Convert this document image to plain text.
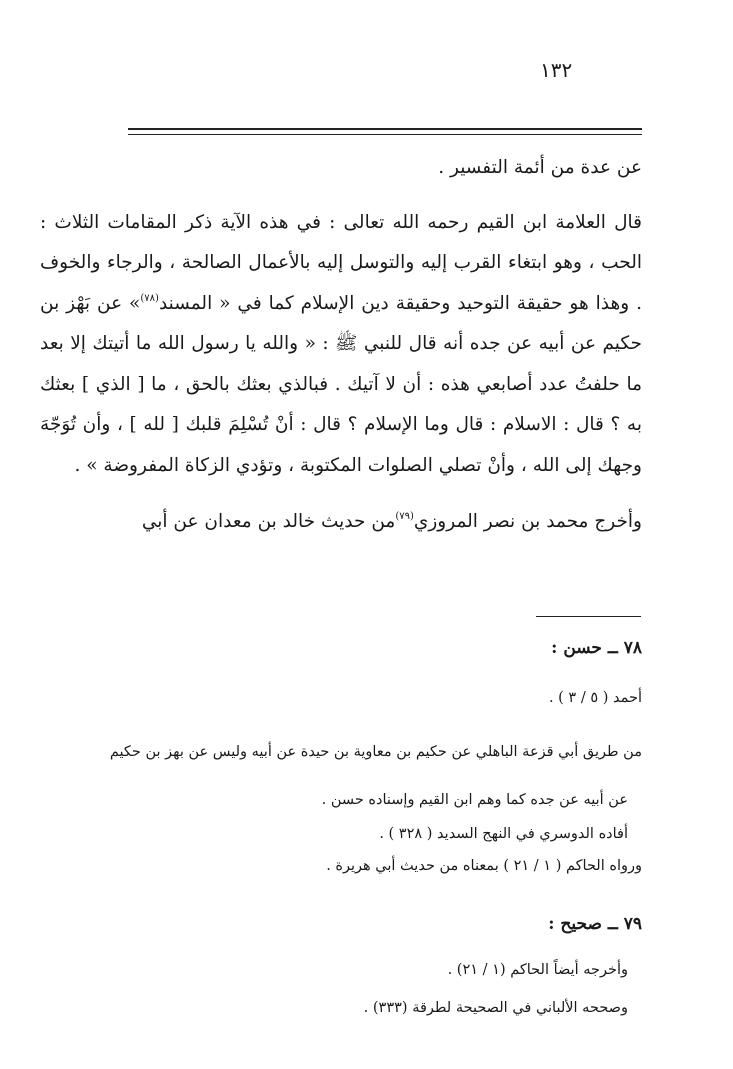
١٣٢

عن عدة من أئمة التفسير .

قال العلامة ابن القيم رحمه الله تعالى : في هذه الآية ذكر المقامات الثلاث : الحب ، وهو ابتغاء القرب إليه والتوسل إليه بالأعمال الصالحة ، والرجاء والخوف . وهذا هو حقيقة التوحيد وحقيقة دين الإسلام كما في « المسند$^{(٧٨)}$» عن بَهْز بن حكيم عن أبيه عن جده أنه قال للنبي ﷺ : « والله يا رسول الله ما أتيتك إلا بعد ما حلفتُ عدد أصابعي هذه : أن لا آتيك . فبالذي بعثك بالحق ، ما [ الذي ] بعثك به ؟ قال : الاسلام : قال وما الإسلام ؟ قال : أنْ تُسْلِمَ قلبك [ لله ] ، وأن تُوَجّهَ وجهك إلى الله ، وأنْ تصلي الصلوات المكتوبة ، وتؤدي الزكاة المفروضة » .

وأخرج محمد بن نصر المروزي$^{(٧٩)}$من حديث خالد بن معدان عن أبي

٧٨ ــ حسن :
أحمد ( ٥ / ٣ ) .
من طريق أبي قزعة الباهلي عن حكيم بن معاوية بن حيدة عن أبيه وليس عن بهز بن حكيم
عن أبيه عن جده كما وهم ابن القيم وإسناده حسن .
أفاده الدوسري في النهج السديد ( ٣٢٨ ) .
ورواه الحاكم ( ١ / ٢١ ) بمعناه من حديث أبي هريرة .
٧٩ ــ صحيح :
وأخرجه أيضاً الحاكم (١ / ٢١) .
وصححه الألباني في الصحيحة لطرقة (٣٣٣) .
